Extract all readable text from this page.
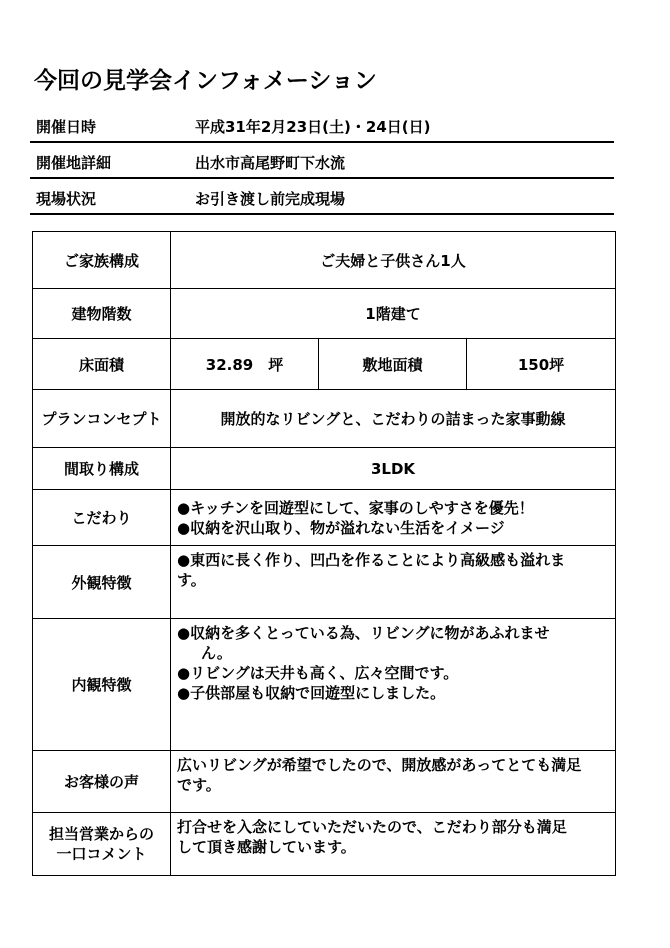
今回の見学会インフォメーション
開催日時	平成31年2月23日(土)・24日(日)
開催地詳細	出水市高尾野町下水流
現場状況	お引き渡し前完成現場
ご家族構成	ご夫婦と子供さん1人		
建物階数	1階建て		
床面積	32.89　坪	敷地面積	150坪
プランコンセプト	開放的なリビングと、こだわりの詰まった家事動線		
間取り構成	3LDK		
こだわり	●キッチンを回遊型にして、家事のしやすさを優先！
●収納を沢山取り、物が溢れない生活をイメージ		

外観特徴	●東西に長く作り、凹凸を作ることにより高級感も溢れま
す。		

内観特徴	●収納を多くとっている為、リビングに物があふれませ
ん。
●リビングは天井も高く、広々空間です。
●子供部屋も収納で回遊型にしました。		

お客様の声	広いリビングが希望でしたので、開放感があってとても満足
です。		

担当営業からの
一口コメント	打合せを入念にしていただいたので、こだわり部分も満足
して頂き感謝しています。		
